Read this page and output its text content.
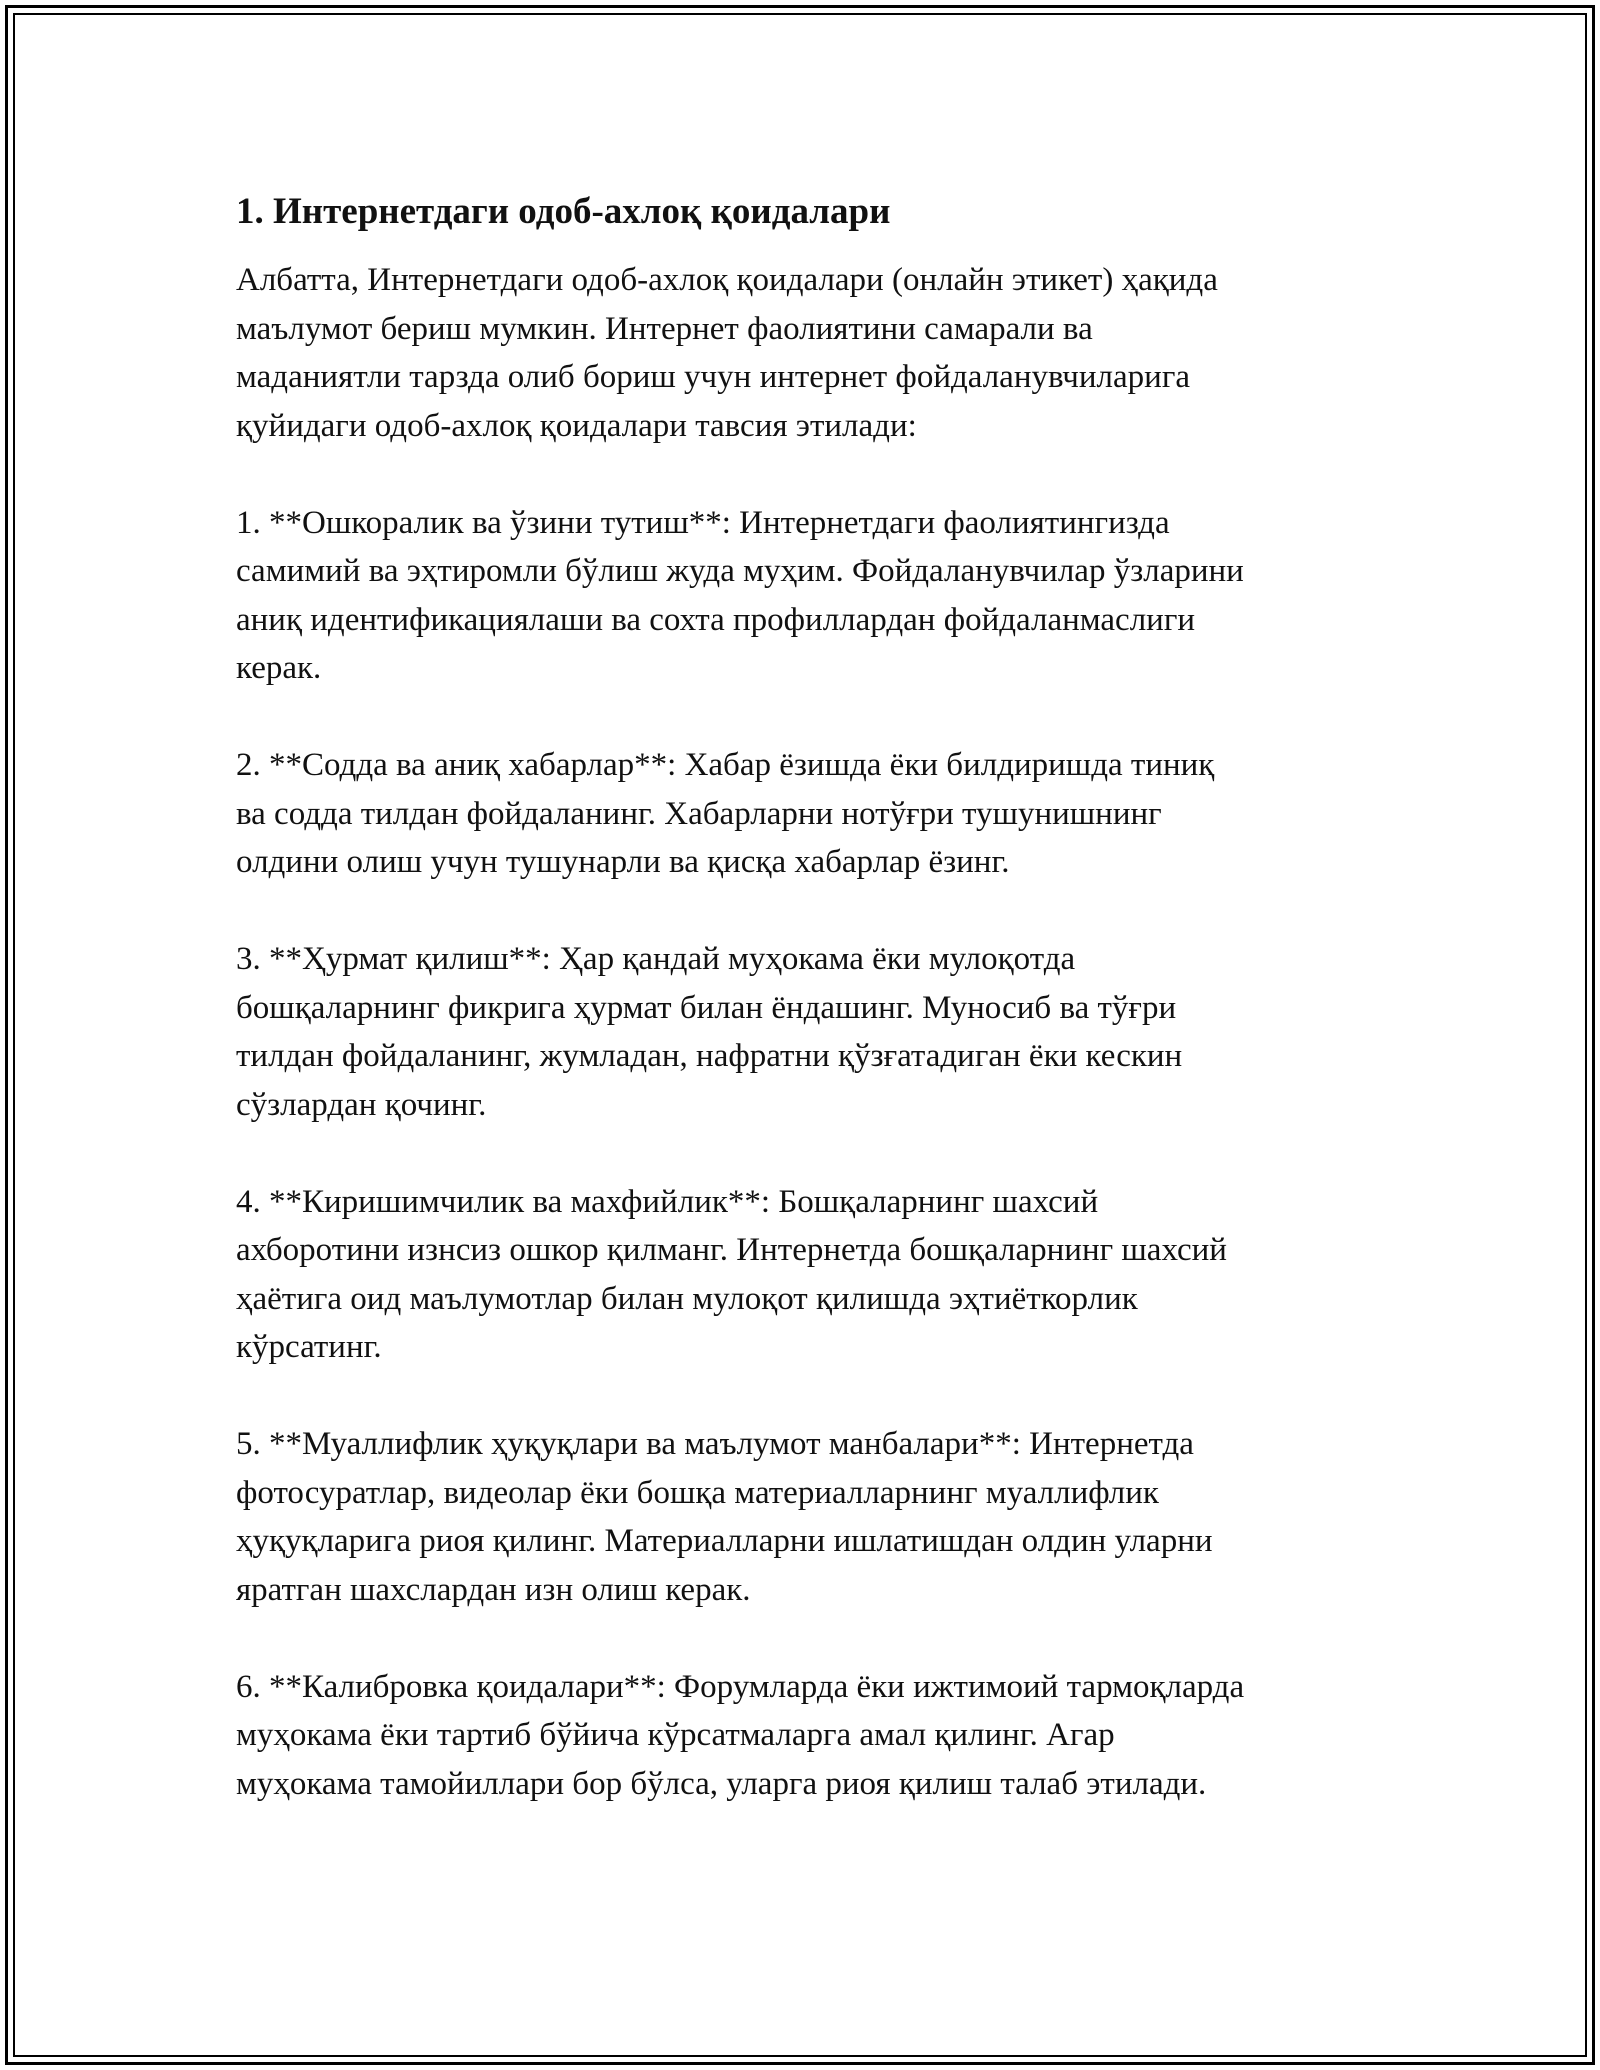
1. Интернетдаги одоб-ахлоқ қоидалари

Албатта, Интернетдаги одоб-ахлоқ қоидалари (онлайн этикет) ҳақида
маълумот бериш мумкин. Интернет фаолиятини самарали ва
маданиятли тарзда олиб бориш учун интернет фойдаланувчиларига
қуйидаги одоб-ахлоқ қоидалари тавсия этилади:

1. **Ошкоралик ва ўзини тутиш**: Интернетдаги фаолиятингизда
самимий ва эҳтиромли бўлиш жуда муҳим. Фойдаланувчилар ўзларини
аниқ идентификациялаши ва сохта профиллардан фойдаланмаслиги
керак.

2. **Содда ва аниқ хабарлар**: Хабар ёзишда ёки билдиришда тиниқ
ва содда тилдан фойдаланинг. Хабарларни нотўғри тушунишнинг
олдини олиш учун тушунарли ва қисқа хабарлар ёзинг.

3. **Ҳурмат қилиш**: Ҳар қандай муҳокама ёки мулоқотда
бошқаларнинг фикрига ҳурмат билан ёндашинг. Муносиб ва тўғри
тилдан фойдаланинг, жумладан, нафратни қўзғатадиган ёки кескин
сўзлардан қочинг.

4. **Киришимчилик ва махфийлик**: Бошқаларнинг шахсий
ахборотини изнсиз ошкор қилманг. Интернетда бошқаларнинг шахсий
ҳаётига оид маълумотлар билан мулоқот қилишда эҳтиёткорлик
кўрсатинг.

5. **Муаллифлик ҳуқуқлари ва маълумот манбалари**: Интернетда
фотосуратлар, видеолар ёки бошқа материалларнинг муаллифлик
ҳуқуқларига риоя қилинг. Материалларни ишлатишдан олдин уларни
яратган шахслардан изн олиш керак.

6. **Калибровка қоидалари**: Форумларда ёки ижтимоий тармоқларда
муҳокама ёки тартиб бўйича кўрсатмаларга амал қилинг. Агар
муҳокама тамойиллари бор бўлса, уларга риоя қилиш талаб этилади.
